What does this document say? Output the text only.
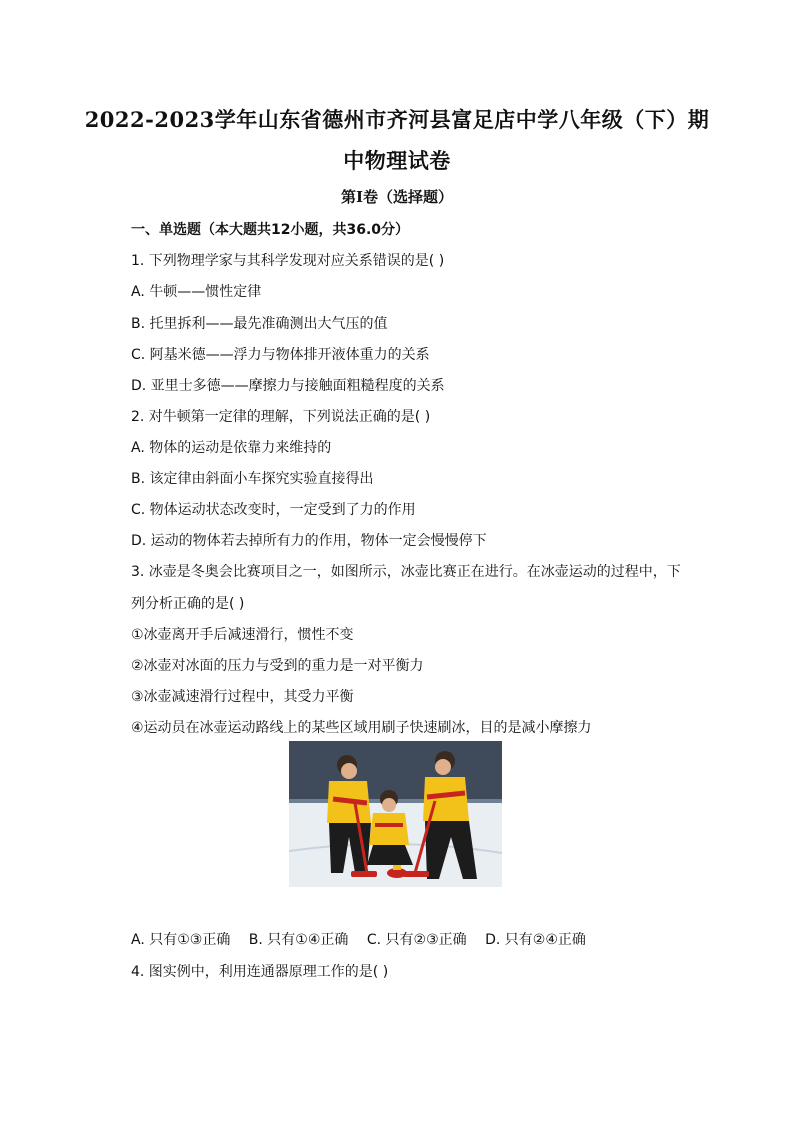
2022-2023学年山东省德州市齐河县富足店中学八年级（下）期
中物理试卷
第I卷（选择题）
一、单选题（本大题共12小题，共36.0分）
1. 下列物理学家与其科学发现对应关系错误的是( )
A. 牛顿——惯性定律
B. 托里拆利——最先准确测出大气压的值
C. 阿基米德——浮力与物体排开液体重力的关系
D. 亚里士多德——摩擦力与接触面粗糙程度的关系
2. 对牛顿第一定律的理解，下列说法正确的是( )
A. 物体的运动是依靠力来维持的
B. 该定律由斜面小车探究实验直接得出
C. 物体运动状态改变时，一定受到了力的作用
D. 运动的物体若去掉所有力的作用，物体一定会慢慢停下
3. 冰壶是冬奥会比赛项目之一，如图所示，冰壶比赛正在进行。在冰壶运动的过程中，下
列分析正确的是( )
①冰壶离开手后减速滑行，惯性不变
②冰壶对冰面的压力与受到的重力是一对平衡力
③冰壶减速滑行过程中，其受力平衡
④运动员在冰壶运动路线上的某些区域用刷子快速刷冰，目的是减小摩擦力
A. 只有①③正确 B. 只有①④正确 C. 只有②③正确 D. 只有②④正确
4. 图实例中，利用连通器原理工作的是( )
